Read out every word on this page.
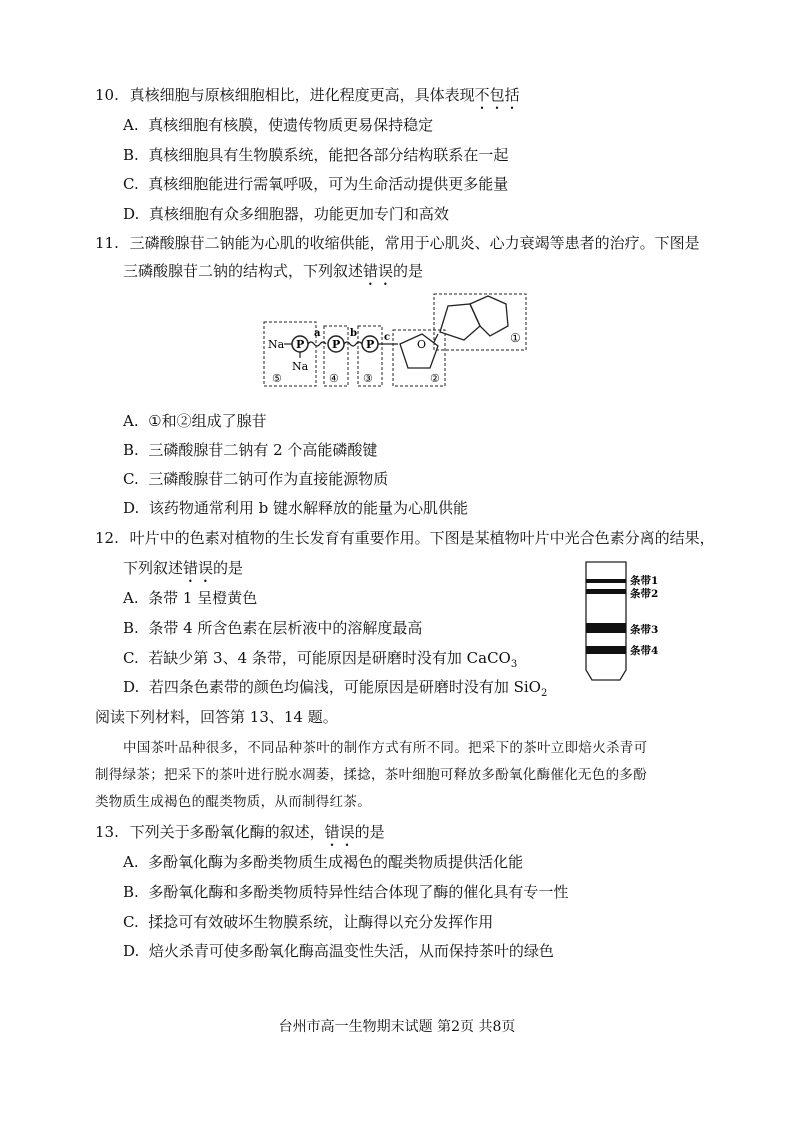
10. 真核细胞与原核细胞相比，进化程度更高，具体表现不包括
A. 真核细胞有核膜，使遗传物质更易保持稳定
B. 真核细胞具有生物膜系统，能把各部分结构联系在一起
C. 真核细胞能进行需氧呼吸，可为生命活动提供更多能量
D. 真核细胞有众多细胞器，功能更加专门和高效
11. 三磷酸腺苷二钠能为心肌的收缩供能，常用于心肌炎、心力衰竭等患者的治疗。下图是
三磷酸腺苷二钠的结构式，下列叙述错误的是
Na P
Na
⑤
a
P
④
b
P
③
c
O
②
①
A. ①和②组成了腺苷
B. 三磷酸腺苷二钠有 2 个高能磷酸键
C. 三磷酸腺苷二钠可作为直接能源物质
D. 该药物通常利用 b 键水解释放的能量为心肌供能
12. 叶片中的色素对植物的生长发育有重要作用。下图是某植物叶片中光合色素分离的结果，
下列叙述错误的是
条带1
条带2
条带3
条带4
A. 条带 1 呈橙黄色
B. 条带 4 所含色素在层析液中的溶解度最高
C. 若缺少第 3、4 条带，可能原因是研磨时没有加 CaCO$_3$
D. 若四条色素带的颜色均偏浅，可能原因是研磨时没有加 SiO$_2$
阅读下列材料，回答第 13、14 题。
中国茶叶品种很多，不同品种茶叶的制作方式有所不同。把采下的茶叶立即焙火杀青可
制得绿茶；把采下的茶叶进行脱水凋萎，揉捻，茶叶细胞可释放多酚氧化酶催化无色的多酚
类物质生成褐色的醌类物质，从而制得红茶。
13. 下列关于多酚氧化酶的叙述，错误的是
A. 多酚氧化酶为多酚类物质生成褐色的醌类物质提供活化能
B. 多酚氧化酶和多酚类物质特异性结合体现了酶的催化具有专一性
C. 揉捻可有效破坏生物膜系统，让酶得以充分发挥作用
D. 焙火杀青可使多酚氧化酶高温变性失活，从而保持茶叶的绿色
台州市高一生物期末试题 第2页 共8页
